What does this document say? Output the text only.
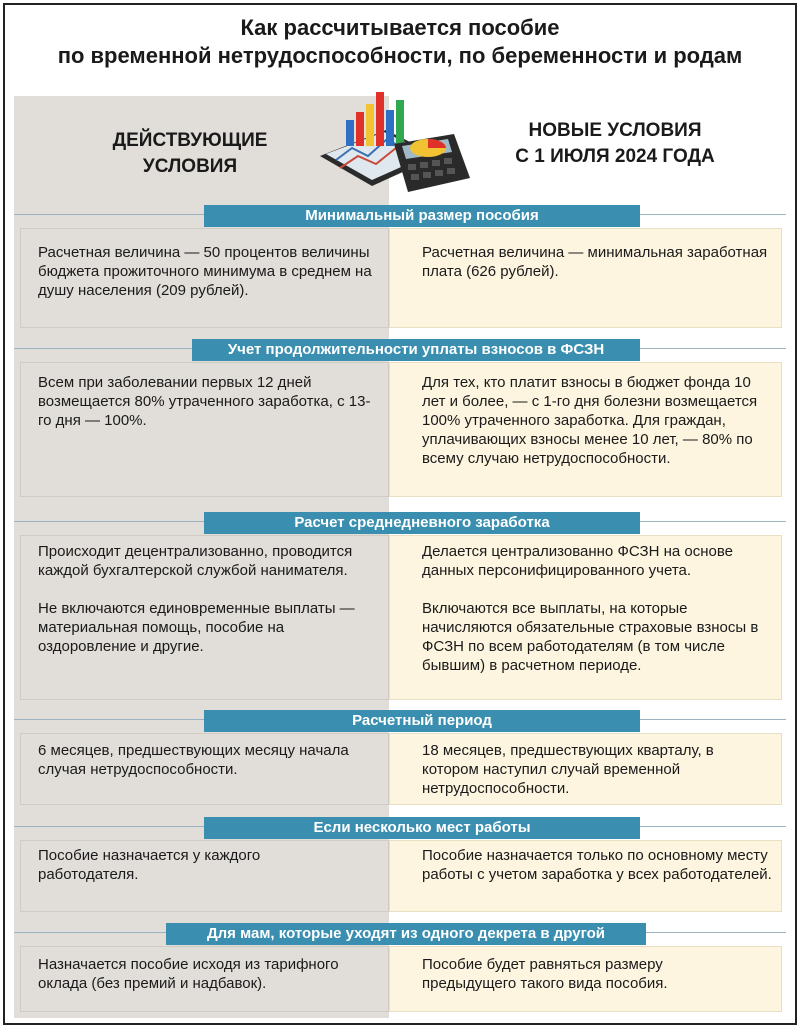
Как рассчитывается пособие
по временной нетрудоспособности, по беременности и родам
ДЕЙСТВУЮЩИЕ
УСЛОВИЯ
НОВЫЕ УСЛОВИЯ
С 1 ИЮЛЯ 2024 ГОДА
Минимальный размер пособия

Расчетная величина — 50 процентов величины бюджета прожиточного минимума в среднем на душу населения (209 рублей).

Расчетная величина — минимальная заработная плата (626 рублей).

Учет продолжительности уплаты взносов в ФСЗН

Всем при заболевании первых 12 дней возмещается 80% утраченного заработка, с 13-го дня — 100%.

Для тех, кто платит взносы в бюджет фонда 10 лет и более, — с 1-го дня болезни возмещается 100% утраченного заработка. Для граждан, уплачивающих взносы менее 10 лет, — 80% по всему случаю нетрудоспособности.

Расчет среднедневного заработка

Происходит децентрализованно, проводится каждой бухгалтерской службой нанимателя.

Не включаются единовременные выплаты — материальная помощь, пособие на оздоровление и другие.

Делается централизованно ФСЗН на основе данных персонифицированного учета.

Включаются все выплаты, на которые начисляются обязательные страховые взносы в ФСЗН по всем работодателям (в том числе бывшим) в расчетном периоде.

Расчетный период

6 месяцев, предшествующих месяцу начала случая нетрудоспособности.

18 месяцев, предшествующих кварталу, в котором наступил случай временной нетрудоспособности.

Если несколько мест работы

Пособие назначается у каждого работодателя.

Пособие назначается только по основному месту работы с учетом заработка у всех работодателей.

Для мам, которые уходят из одного декрета в другой

Назначается пособие исходя из тарифного оклада (без премий и надбавок).

Пособие будет равняться размеру предыдущего такого вида пособия.
